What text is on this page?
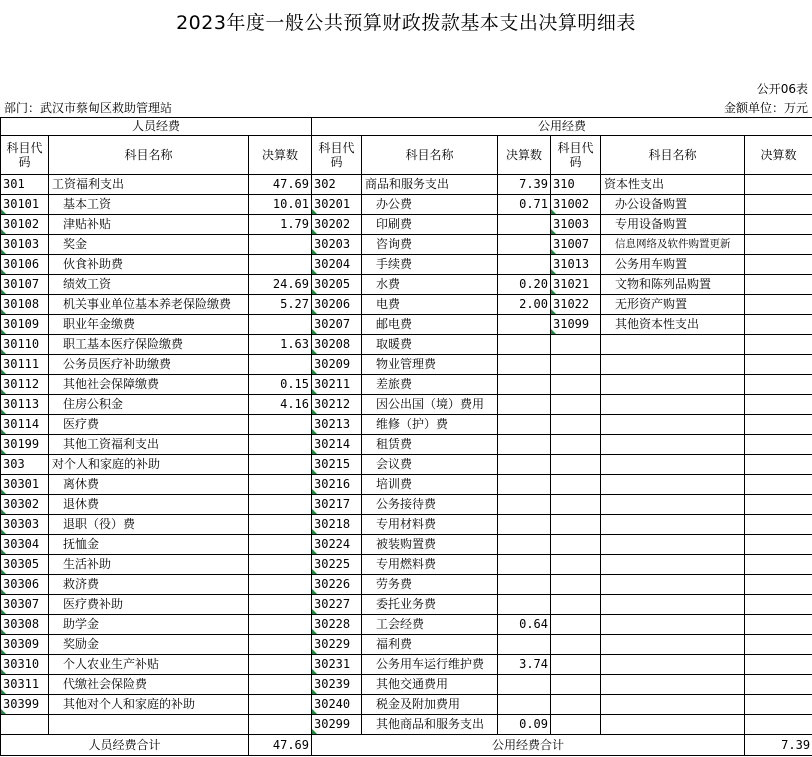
2023年度一般公共预算财政拨款基本支出决算明细表
公开06表
部门：武汉市蔡甸区救助管理站	金额单位：万元
人员经费			公用经费					
科目代码	科目名称	决算数	科目代码	科目名称	决算数	科目代码	科目名称	决算数
301	工资福利支出	47.69	302	商品和服务支出	7.39	310	资本性支出	
30101	基本工资	10.01	30201	办公费	0.71	31002	办公设备购置	
30102	津贴补贴	1.79	30202	印刷费		31003	专用设备购置	
30103	奖金		30203	咨询费		31007	信息网络及软件购置更新	
30106	伙食补助费		30204	手续费		31013	公务用车购置	
30107	绩效工资	24.69	30205	水费	0.20	31021	文物和陈列品购置	
30108	机关事业单位基本养老保险缴费	5.27	30206	电费	2.00	31022	无形资产购置	
30109	职业年金缴费		30207	邮电费		31099	其他资本性支出	
30110	职工基本医疗保险缴费	1.63	30208	取暖费				
30111	公务员医疗补助缴费		30209	物业管理费				
30112	其他社会保障缴费	0.15	30211	差旅费				
30113	住房公积金	4.16	30212	因公出国（境）费用				
30114	医疗费		30213	维修（护）费				
30199	其他工资福利支出		30214	租赁费				
303	对个人和家庭的补助		30215	会议费				
30301	离休费		30216	培训费				
30302	退休费		30217	公务接待费				
30303	退职（役）费		30218	专用材料费				
30304	抚恤金		30224	被装购置费				
30305	生活补助		30225	专用燃料费				
30306	救济费		30226	劳务费				
30307	医疗费补助		30227	委托业务费				
30308	助学金		30228	工会经费	0.64			
30309	奖励金		30229	福利费				
30310	个人农业生产补贴		30231	公务用车运行维护费	3.74			
30311	代缴社会保险费		30239	其他交通费用				
30399	其他对个人和家庭的补助		30240	税金及附加费用				
			30299	其他商品和服务支出	0.09			
人员经费合计		47.69	公用经费合计					7.39
